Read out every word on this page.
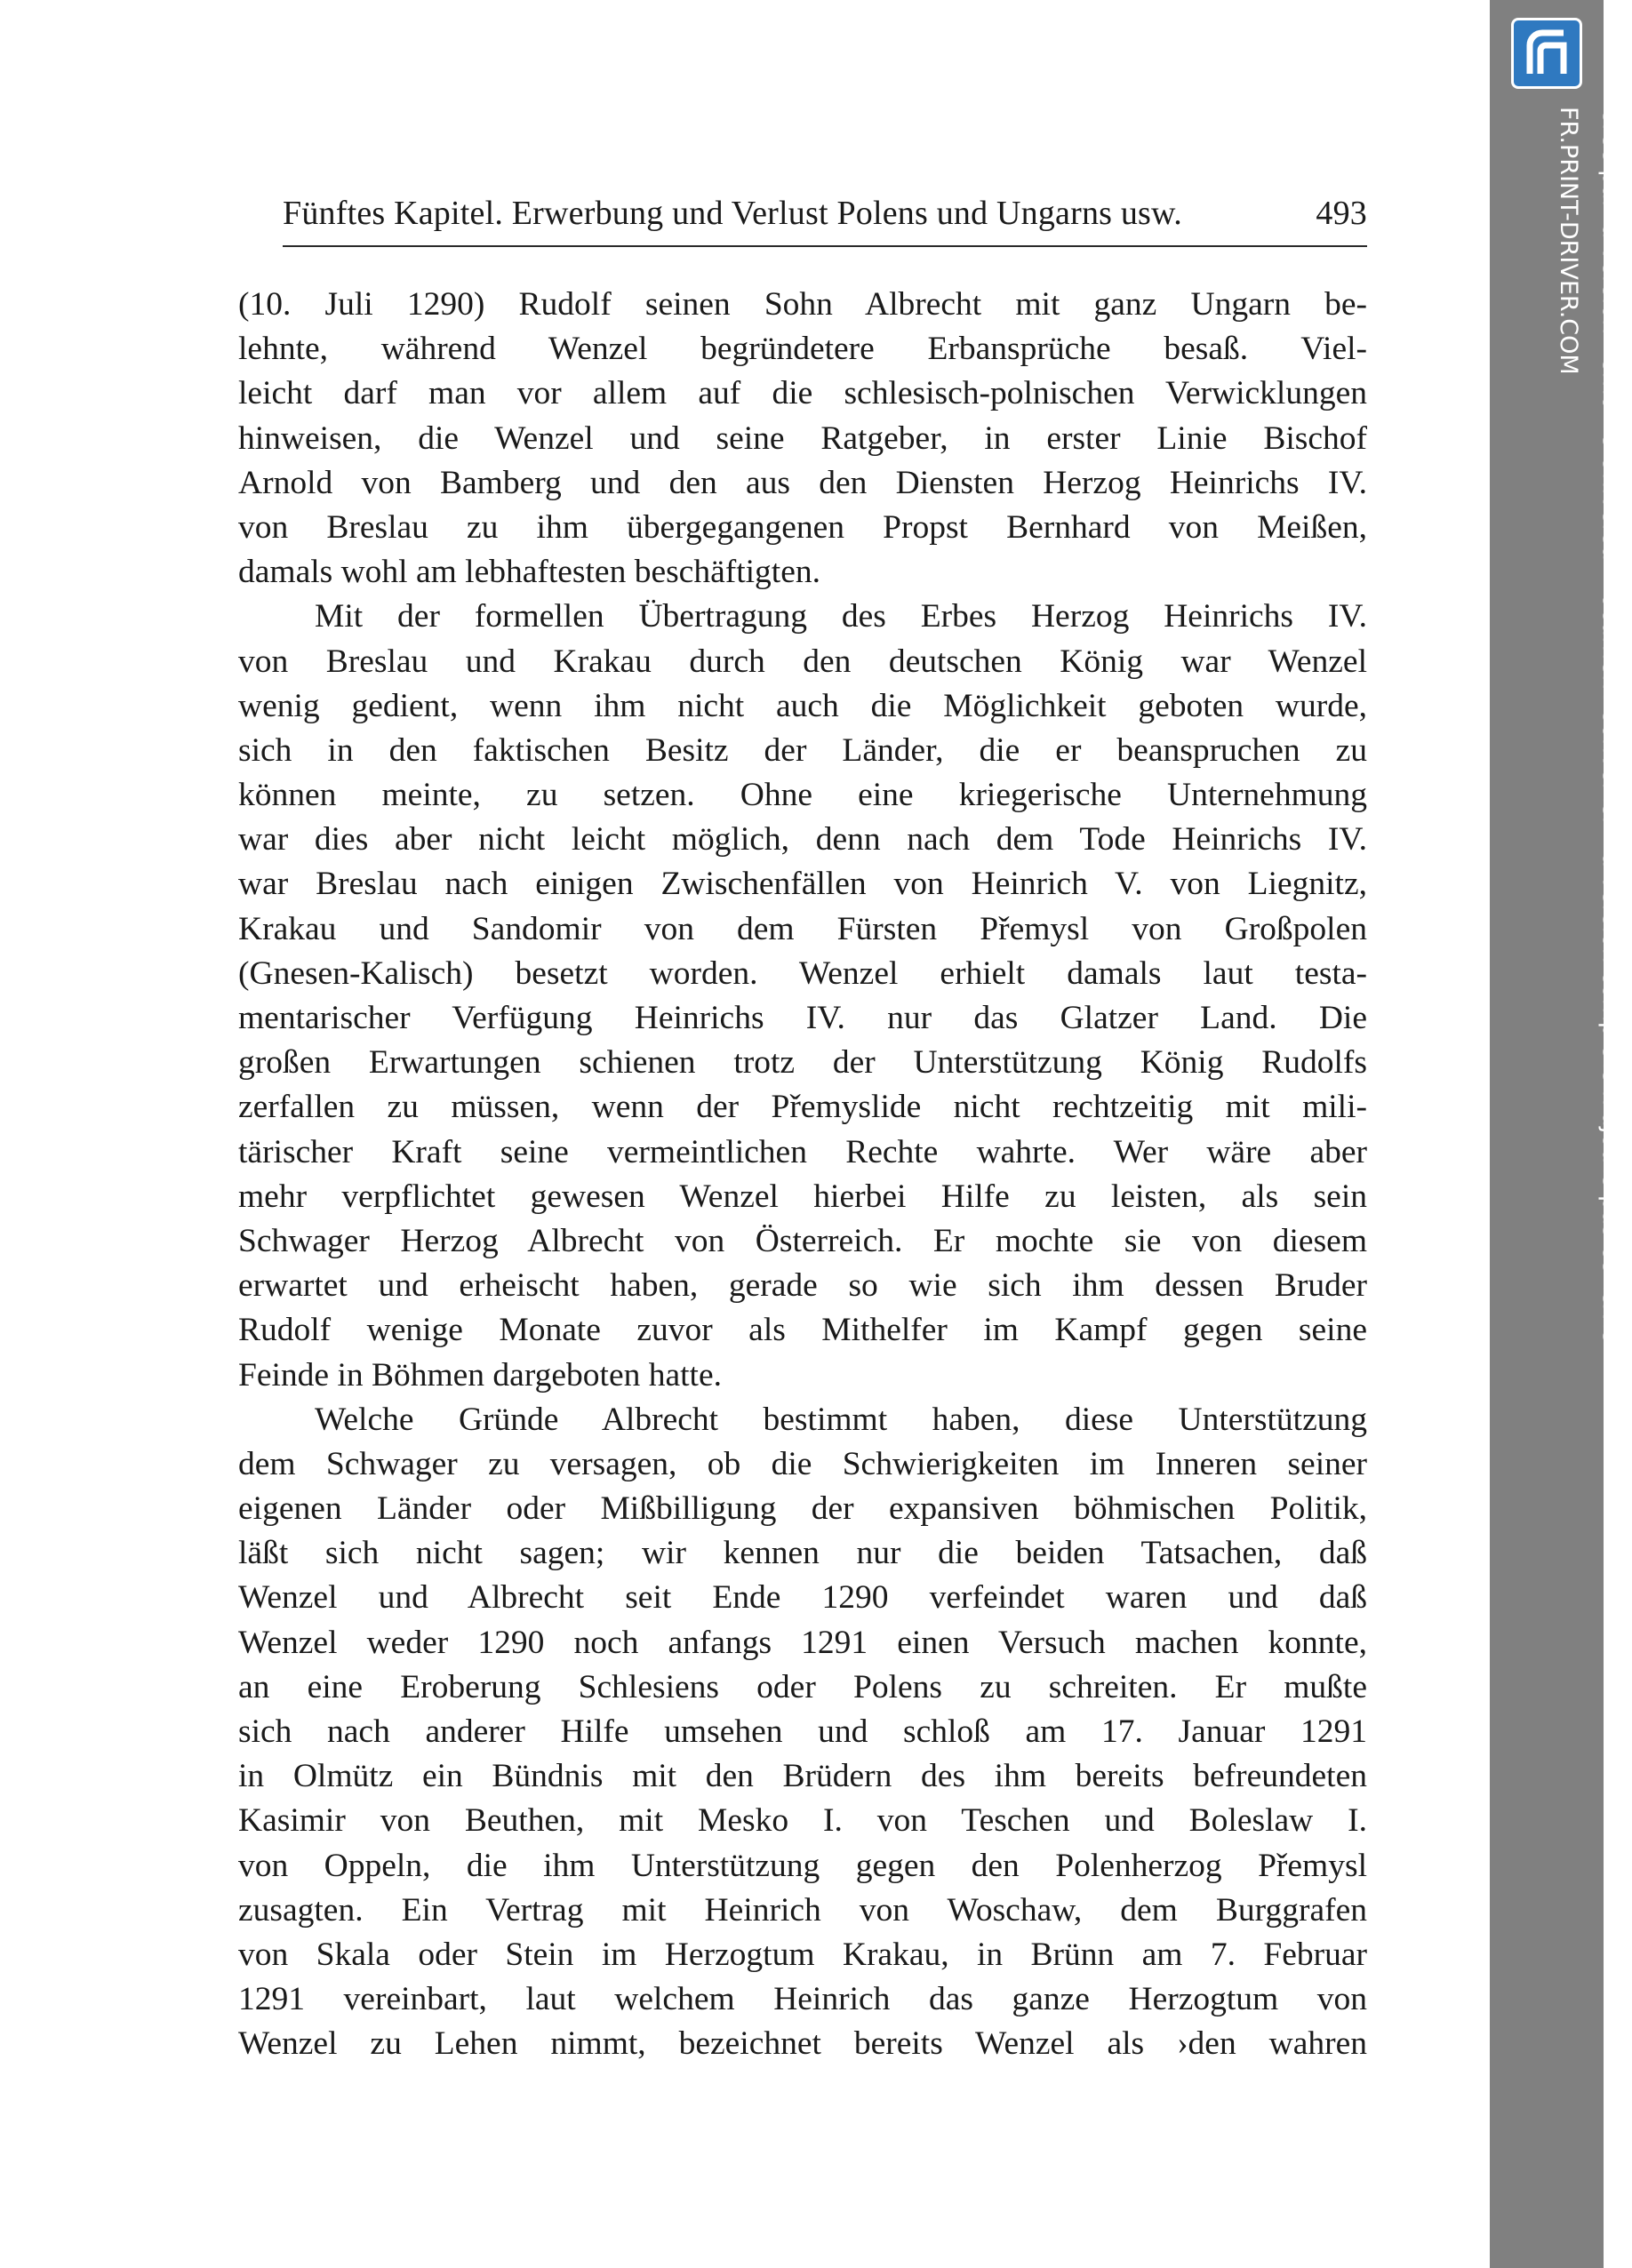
Fünftes Kapitel. Erwerbung und Verlust Polens und Ungarns usw.	493
(10. Juli 1290) Rudolf seinen Sohn Albrecht mit ganz Ungarn be-
lehnte, während Wenzel begründetere Erbansprüche besaß. Viel-
leicht darf man vor allem auf die schlesisch-polnischen Verwicklungen
hinweisen, die Wenzel und seine Ratgeber, in erster Linie Bischof
Arnold von Bamberg und den aus den Diensten Herzog Heinrichs IV.
von Breslau zu ihm übergegangenen Propst Bernhard von Meißen,
damals wohl am lebhaftesten beschäftigten.
Mit der formellen Übertragung des Erbes Herzog Heinrichs IV.
von Breslau und Krakau durch den deutschen König war Wenzel
wenig gedient, wenn ihm nicht auch die Möglichkeit geboten wurde,
sich in den faktischen Besitz der Länder, die er beanspruchen zu
können meinte, zu setzen. Ohne eine kriegerische Unternehmung
war dies aber nicht leicht möglich, denn nach dem Tode Heinrichs IV.
war Breslau nach einigen Zwischenfällen von Heinrich V. von Liegnitz,
Krakau und Sandomir von dem Fürsten Přemysl von Großpolen
(Gnesen-Kalisch) besetzt worden. Wenzel erhielt damals laut testa-
mentarischer Verfügung Heinrichs IV. nur das Glatzer Land. Die
großen Erwartungen schienen trotz der Unterstützung König Rudolfs
zerfallen zu müssen, wenn der Přemyslide nicht rechtzeitig mit mili-
tärischer Kraft seine vermeintlichen Rechte wahrte. Wer wäre aber
mehr verpflichtet gewesen Wenzel hierbei Hilfe zu leisten, als sein
Schwager Herzog Albrecht von Österreich. Er mochte sie von diesem
erwartet und erheischt haben, gerade so wie sich ihm dessen Bruder
Rudolf wenige Monate zuvor als Mithelfer im Kampf gegen seine
Feinde in Böhmen dargeboten hatte.
Welche Gründe Albrecht bestimmt haben, diese Unterstützung
dem Schwager zu versagen, ob die Schwierigkeiten im Inneren seiner
eigenen Länder oder Mißbilligung der expansiven böhmischen Politik,
läßt sich nicht sagen; wir kennen nur die beiden Tatsachen, daß
Wenzel und Albrecht seit Ende 1290 verfeindet waren und daß
Wenzel weder 1290 noch anfangs 1291 einen Versuch machen konnte,
an eine Eroberung Schlesiens oder Polens zu schreiten. Er mußte
sich nach anderer Hilfe umsehen und schloß am 17. Januar 1291
in Olmütz ein Bündnis mit den Brüdern des ihm bereits befreundeten
Kasimir von Beuthen, mit Mesko I. von Teschen und Boleslaw I.
von Oppeln, die ihm Unterstützung gegen den Polenherzog Přemysl
zusagten. Ein Vertrag mit Heinrich von Woschaw, dem Burggrafen
von Skala oder Stein im Herzogtum Krakau, in Brünn am 7. Februar
1291 vereinbart, laut welchem Heinrich das ganze Herzogtum von
Wenzel zu Lehen nimmt, bezeichnet bereits Wenzel als ›den wahren
Créé par la version démo de Universal Document Converter. La version complète n'ajoute pas ce texte.
FR.PRINT-DRIVER.COM
